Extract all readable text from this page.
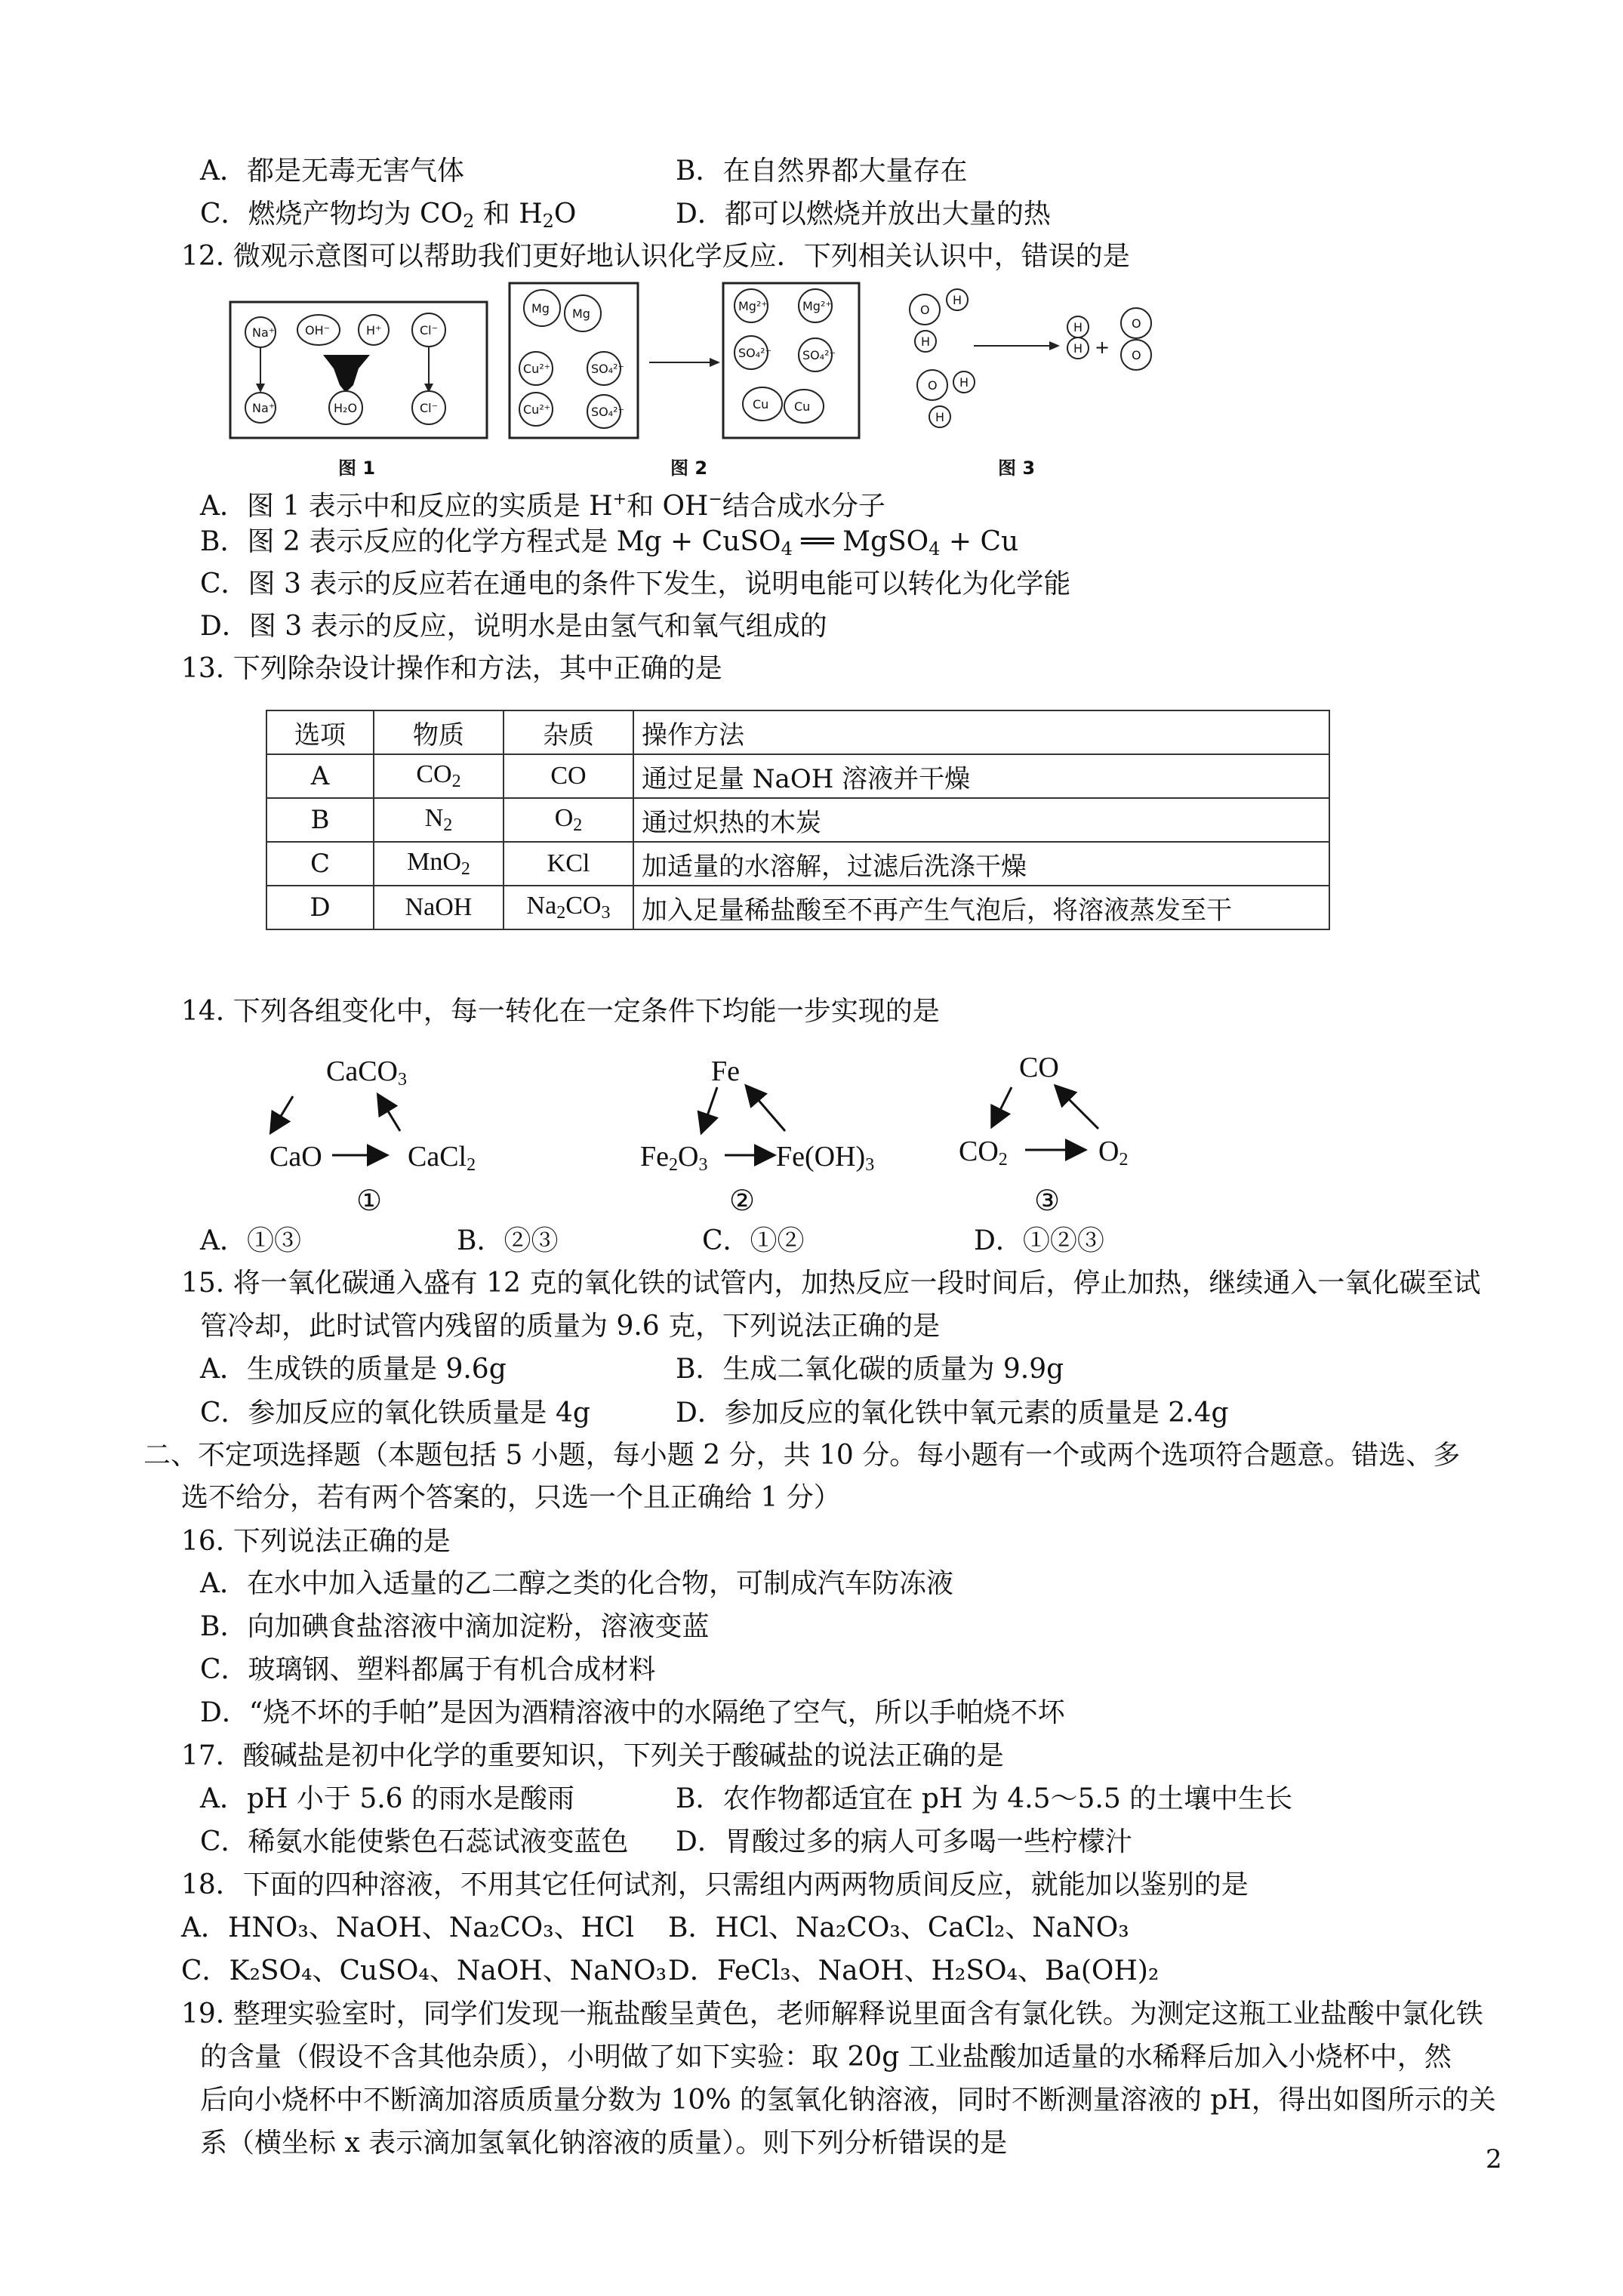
A．都是无毒无害气体	B．在自然界都大量存在
C．燃烧产物均为 $CO_2$ 和 $H_2O$	D．都可以燃烧并放出大量的热
12. 微观示意图可以帮助我们更好地认识化学反应．下列相关认识中，错误的是
Na⁺ OH⁻	H⁺	Cl⁻
Na⁺	H₂O	Cl⁻
Mg Mg
Cu²⁺	SO₄²⁻
Cu²⁺	SO₄²⁻
Mg²⁺	Mg²⁺
SO₄²⁻	SO₄²⁻
Cu Cu
O
H
H
O H
H
H
H +
O
O
图 1	图 2	图 3
A．图 1 表示中和反应的实质是 H+和 OH−结合成水分子
B．图 2 表示反应的化学方程式是 Mg + CuSO$_4$ ══ MgSO$_4$ + Cu
C．图 3 表示的反应若在通电的条件下发生，说明电能可以转化为化学能
D．图 3 表示的反应，说明水是由氢气和氧气组成的
13. 下列除杂设计操作和方法，其中正确的是
选项	物质	杂质	操作方法
A	$CO_2$	CO	通过足量 NaOH 溶液并干燥
B	$N_2$	$O_2$	通过炽热的木炭
C	MnO$_2$	KCl	加适量的水溶解，过滤后洗涤干燥
D	NaOH	$Na_2CO_3$	加入足量稀盐酸至不再产生气泡后，将溶液蒸发至干
14. 下列各组变化中，每一转化在一定条件下均能一步实现的是
CaCO$_3$
CaO	CaCl$_2$
①
Fe
$Fe_2O_3$ $Fe(OH)_3$
②
CO
$CO_2$	$O_2$
③
A．①③	B．②③	C．①②	D．①②③
15. 将一氧化碳通入盛有 12 克的氧化铁的试管内，加热反应一段时间后，停止加热，继续通入一氧化碳至试
管冷却，此时试管内残留的质量为 9.6 克，下列说法正确的是
A．生成铁的质量是 9.6g	B．生成二氧化碳的质量为 9.9g
C．参加反应的氧化铁质量是 4g	D．参加反应的氧化铁中氧元素的质量是 2.4g
二、不定项选择题（本题包括 5 小题，每小题 2 分，共 10 分。每小题有一个或两个选项符合题意。错选、多
选不给分，若有两个答案的，只选一个且正确给 1 分）
16. 下列说法正确的是
A．在水中加入适量的乙二醇之类的化合物，可制成汽车防冻液
B．向加碘食盐溶液中滴加淀粉，溶液变蓝
C．玻璃钢、塑料都属于有机合成材料
D．“烧不坏的手帕”是因为酒精溶液中的水隔绝了空气，所以手帕烧不坏
17．酸碱盐是初中化学的重要知识，下列关于酸碱盐的说法正确的是
A．pH 小于 5.6 的雨水是酸雨	B．农作物都适宜在 pH 为 4.5～5.5 的土壤中生长
C．稀氨水能使紫色石蕊试液变蓝色 D．胃酸过多的病人可多喝一些柠檬汁
18．下面的四种溶液，不用其它任何试剂，只需组内两两物质间反应，就能加以鉴别的是
A．HNO₃、NaOH、Na₂CO₃、HCl B．HCl、Na₂CO₃、CaCl₂、NaNO₃
C．K₂SO₄、CuSO₄、NaOH、NaNO₃ D．FeCl₃、NaOH、H₂SO₄、Ba(OH)₂
19. 整理实验室时，同学们发现一瓶盐酸呈黄色，老师解释说里面含有氯化铁。为测定这瓶工业盐酸中氯化铁
的含量（假设不含其他杂质），小明做了如下实验：取 20g 工业盐酸加适量的水稀释后加入小烧杯中，然
后向小烧杯中不断滴加溶质质量分数为 10% 的氢氧化钠溶液，同时不断测量溶液的 pH，得出如图所示的关
系（横坐标 x 表示滴加氢氧化钠溶液的质量）。则下列分析错误的是
2
